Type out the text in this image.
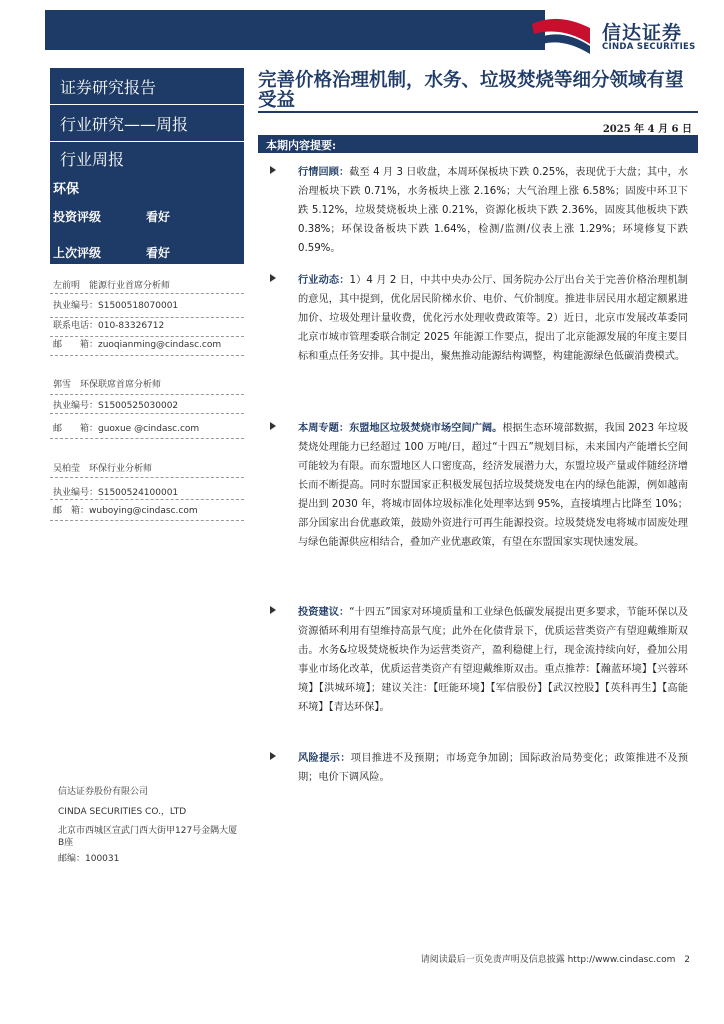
信达证券
CINDA SECURITIES
证券研究报告
行业研究——周报
行业周报
环保
投资评级	看好
上次评级	看好
左前明　能源行业首席分析师
执业编号：S1500518070001
联系电话：010-83326712
邮　　箱：zuoqianming@cindasc.com
郭雪　环保联席首席分析师
执业编号：S1500525030002
邮　　箱：guoxue @cindasc.com
吴柏莹　环保行业分析师
执业编号：S1500524100001
邮　箱：wuboying@cindasc.com
信达证券股份有限公司
CINDA SECURITIES CO.，LTD
北京市西城区宣武门西大街甲127号金隅大厦
B座
邮编：100031
完善价格治理机制，水务、垃圾焚烧等细分领域有望受益
2025 年 4 月 6 日
本期内容提要:

行情回顾：截至 4 月 3 日收盘，本周环保板块下跌 0.25%，表现优于大盘；其中，水治理板块下跌 0.71%，水务板块上涨 2.16%；大气治理上涨 6.58%；固废中环卫下跌 5.12%，垃圾焚烧板块上涨 0.21%，资源化板块下跌 2.36%，固废其他板块下跌 0.38%；环保设备板块下跌 1.64%，检测/监测/仪表上涨 1.29%；环境修复下跌 0.59%。

行业动态：1）4 月 2 日，中共中央办公厅、国务院办公厅出台关于完善价格治理机制的意见，其中提到，优化居民阶梯水价、电价、气价制度。推进非居民用水超定额累进加价、垃圾处理计量收费，优化污水处理收费政策等。2）近日，北京市发展改革委同北京市城市管理委联合制定 2025 年能源工作要点，提出了北京能源发展的年度主要目标和重点任务安排。其中提出，聚焦推动能源结构调整，构建能源绿色低碳消费模式。

本周专题：东盟地区垃圾焚烧市场空间广阔。根据生态环境部数据，我国 2023 年垃圾焚烧处理能力已经超过 100 万吨/日，超过“十四五”规划目标，未来国内产能增长空间可能较为有限。而东盟地区人口密度高，经济发展潜力大，东盟垃圾产量或伴随经济增长而不断提高。同时东盟国家正积极发展包括垃圾焚烧发电在内的绿色能源，例如越南提出到 2030 年，将城市固体垃圾标准化处理率达到 95%，直接填埋占比降至 10%；部分国家出台优惠政策，鼓励外资进行可再生能源投资。垃圾焚烧发电将城市固废处理与绿色能源供应相结合，叠加产业优惠政策，有望在东盟国家实现快速发展。

投资建议：“十四五”国家对环境质量和工业绿色低碳发展提出更多要求，节能环保以及资源循环利用有望维持高景气度；此外在化债背景下，优质运营类资产有望迎戴维斯双击。水务&垃圾焚烧板块作为运营类资产，盈利稳健上行，现金流持续向好，叠加公用事业市场化改革，优质运营类资产有望迎戴维斯双击。重点推荐：【瀚蓝环境】【兴蓉环境】【洪城环境】；建议关注：【旺能环境】【军信股份】【武汉控股】【英科再生】【高能环境】【青达环保】。

风险提示：项目推进不及预期；市场竞争加剧；国际政治局势变化；政策推进不及预期；电价下调风险。

请阅读最后一页免责声明及信息披露 http://www.cindasc.com 2
